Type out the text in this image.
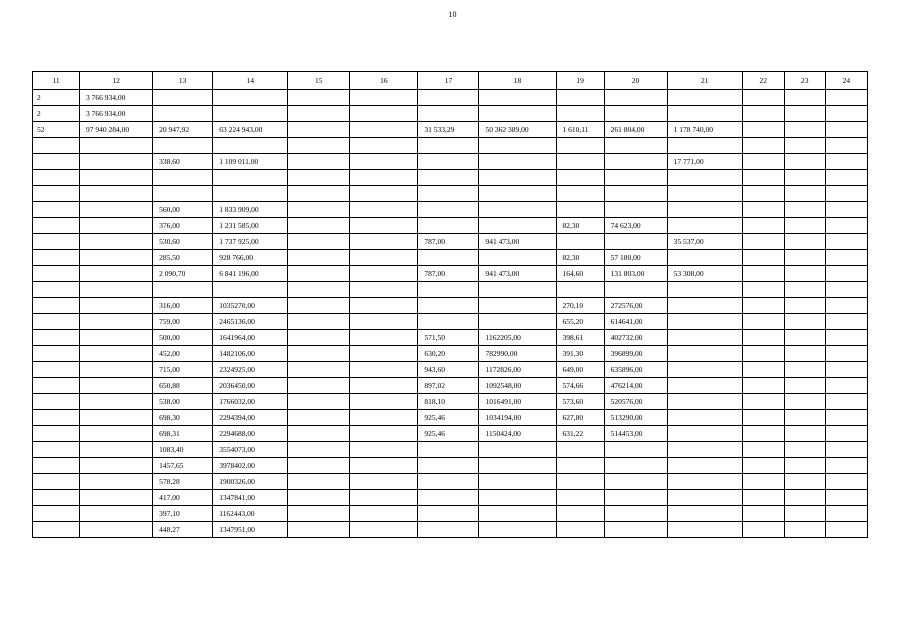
10
11	12	13	14	15	16	17	18	19	20	21	22	23	24
2	3 766 934,00												
2	3 766 934,00												
52	97 940 284,00	20 947,92	63 224 943,00			31 533,29	50 362 389,00	1 610,11	261 804,00	1 178 740,00			

		338,60	1 109 011,00							17 771,00			

		560,00	1 833 909,00										
		376,00	1 231 585,00					82,30	74 623,00				
		530,60	1 737 925,00			787,00	941 473,00			35 537,00			
		285,50	928 766,00					82,30	57 180,00				
		2 090,70	6 841 196,00			787,00	941 473,00	164,60	131 803,00	53 308,00			

		316,00	1035270,00					270,10	272576,00				
		759,00	2465136,00					655,20	614641,00				
		500,00	1641964,00			571,50	1162205,00	398,61	402732,00				
		452,00	1482106,00			630,20	782990,00	391,30	396899,00				
		715,00	2324925,00			943,60	1172826,00	649,00	635896,00				
		650,88	2036450,00			897,02	1092548,00	574,66	476214,00				
		538,00	1766032,00			818,10	1016491,00	573,60	520576,00				
		698,30	2294394,00			925,46	1034194,00	627,80	513290,00				
		698,31	2294688,00			925,46	1150424,00	631,22	514453,00				
		1083,40	3554073,00										
		1457,65	3978402,00										
		578,28	1900326,00										
		417,00	1347841,00										
		397,10	1162443,00										
		448,27	1347951,00										
